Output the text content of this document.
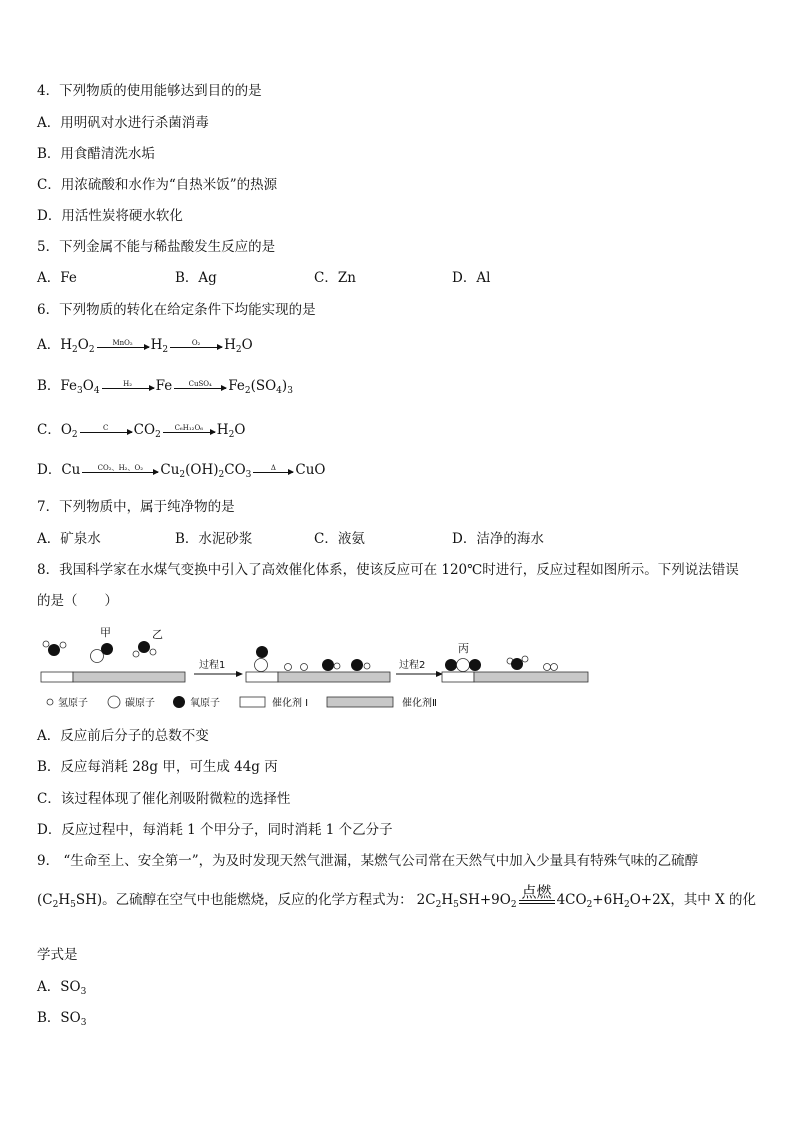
4．下列物质的使用能够达到目的的是
A．用明矾对水进行杀菌消毒
B．用食醋清洗水垢
C．用浓硫酸和水作为“自热米饭”的热源
D．用活性炭将硬水软化
5．下列金属不能与稀盐酸发生反应的是
A．Fe	B．Ag	C．Zn	D．Al
6．下列物质的转化在给定条件下均能实现的是
A． $H_2O_2$
MnO₂ $H_2$
O₂ $H_2O$
B． $Fe_3O_4$
H₂ Fe CuSO₄ $Fe_2(SO_4)_3$
C． $O_2$
C $CO_2$
C₆H₁₂O₆ $H_2O$
D． Cu CO₂、H₂、O₂ $Cu_2(OH)_2CO_3$
Δ CuO
7．下列物质中，属于纯净物的是
A．矿泉水	B．水泥砂浆	C．液氨	D．洁净的海水
8．我国科学家在水煤气变换中引入了高效催化体系，使该反应可在 120℃时进行，反应过程如图所示。下列说法错误
的是（　　）
甲	乙
过程1	过程2
丙
氢原子	碳原子	氧原子	催化剂 I	催化剂Ⅱ
A．反应前后分子的总数不变
B．反应每消耗 28g 甲，可生成 44g 丙
C．该过程体现了催化剂吸附微粒的选择性
D．反应过程中，每消耗 1 个甲分子，同时消耗 1 个乙分子
9． “生命至上、安全第一”，为及时发现天然气泄漏，某燃气公司常在天然气中加入少量具有特殊气味的乙硫醇
$(C_2H_5SH)$。乙硫醇在空气中也能燃烧，反应的化学方程式为： $2C_2H_5SH+9O_2$
点燃 $4CO_2+6H_2O+2X$ ，其中 X 的化
学式是
A．$SO_3$
B．$SO_3$
